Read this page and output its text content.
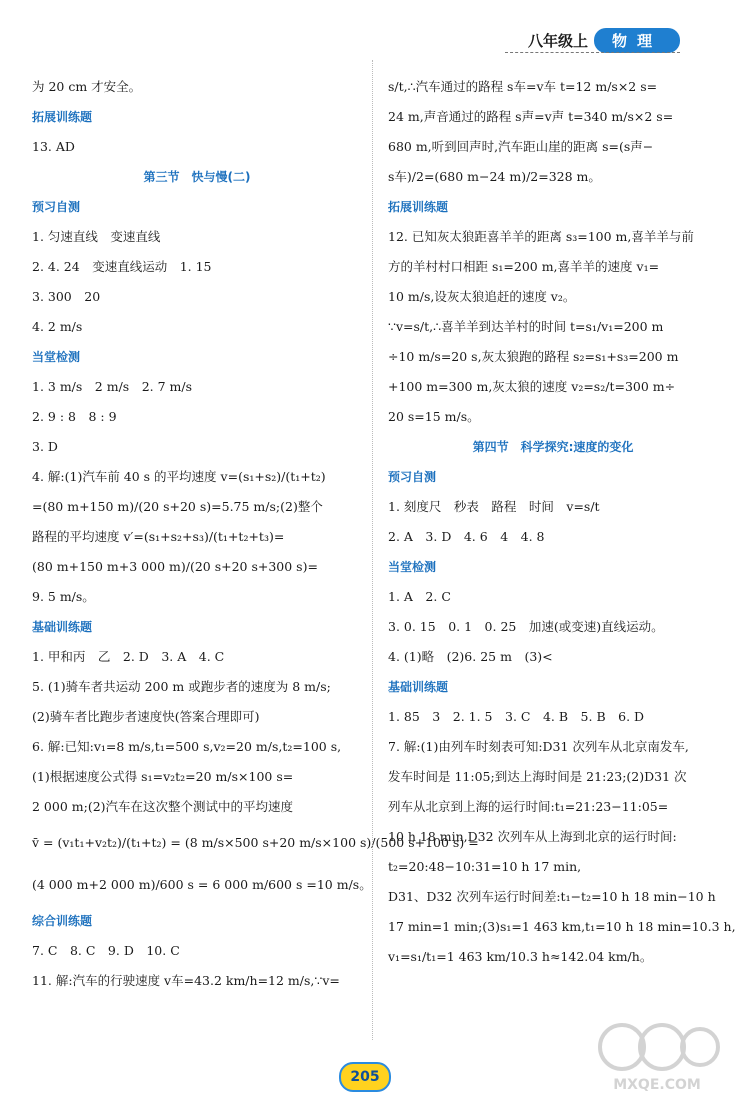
八年级上	物理
为 20 cm 才安全。
拓展训练题
13. AD
第三节　快与慢(二)
预习自测
1. 匀速直线　变速直线
2. 4. 24　变速直线运动　1. 15
3. 300　20
4. 2 m/s
当堂检测
1. 3 m/s　2 m/s　2. 7 m/s
2. 9 : 8　8 : 9
3. D
4. 解:(1)汽车前 40 s 的平均速度 v=(s₁+s₂)/(t₁+t₂)
=(80 m+150 m)/(20 s+20 s)=5.75 m/s;(2)整个
路程的平均速度 v′=(s₁+s₂+s₃)/(t₁+t₂+t₃)=
(80 m+150 m+3 000 m)/(20 s+20 s+300 s)=
9. 5 m/s。
基础训练题
1. 甲和丙　乙　2. D　3. A　4. C
5. (1)骑车者共运动 200 m 或跑步者的速度为 8 m/s;
(2)骑车者比跑步者速度快(答案合理即可)
6. 解:已知:v₁=8 m/s,t₁=500 s,v₂=20 m/s,t₂=100 s,
(1)根据速度公式得 s₁=v₂t₂=20 m/s×100 s=
2 000 m;(2)汽车在这次整个测试中的平均速度
v̄ = (v₁t₁+v₂t₂)/(t₁+t₂) = (8 m/s×500 s+20 m/s×100 s)/(500 s+100 s) =
(4 000 m+2 000 m)/600 s = 6 000 m/600 s =10 m/s。
综合训练题
7. C　8. C　9. D　10. C
11. 解:汽车的行驶速度 v车=43.2 km/h=12 m/s,∵v=
s/t,∴汽车通过的路程 s车=v车 t=12 m/s×2 s=
24 m,声音通过的路程 s声=v声 t=340 m/s×2 s=
680 m,听到回声时,汽车距山崖的距离 s=(s声−
s车)/2=(680 m−24 m)/2=328 m。
拓展训练题
12. 已知灰太狼距喜羊羊的距离 s₃=100 m,喜羊羊与前
方的羊村村口相距 s₁=200 m,喜羊羊的速度 v₁=
10 m/s,设灰太狼追赶的速度 v₂。
∵v=s/t,∴喜羊羊到达羊村的时间 t=s₁/v₁=200 m
÷10 m/s=20 s,灰太狼跑的路程 s₂=s₁+s₃=200 m
+100 m=300 m,灰太狼的速度 v₂=s₂/t=300 m÷
20 s=15 m/s。
第四节　科学探究:速度的变化
预习自测
1. 刻度尺　秒表　路程　时间　v=s/t
2. A　3. D　4. 6　4　4. 8
当堂检测
1. A　2. C
3. 0. 15　0. 1　0. 25　加速(或变速)直线运动。
4. (1)略　(2)6. 25 m　(3)<
基础训练题
1. 85　3　2. 1. 5　3. C　4. B　5. B　6. D
7. 解:(1)由列车时刻表可知:D31 次列车从北京南发车,
发车时间是 11:05;到达上海时间是 21:23;(2)D31 次
列车从北京到上海的运行时间:t₁=21:23−11:05=
10 h 18 min,D32 次列车从上海到北京的运行时间:
t₂=20:48−10:31=10 h 17 min,
D31、D32 次列车运行时间差:t₁−t₂=10 h 18 min−10 h
17 min=1 min;(3)s₁=1 463 km,t₁=10 h 18 min=10.3 h,
v₁=s₁/t₁=1 463 km/10.3 h≈142.04 km/h。
205	MXQE.COM
